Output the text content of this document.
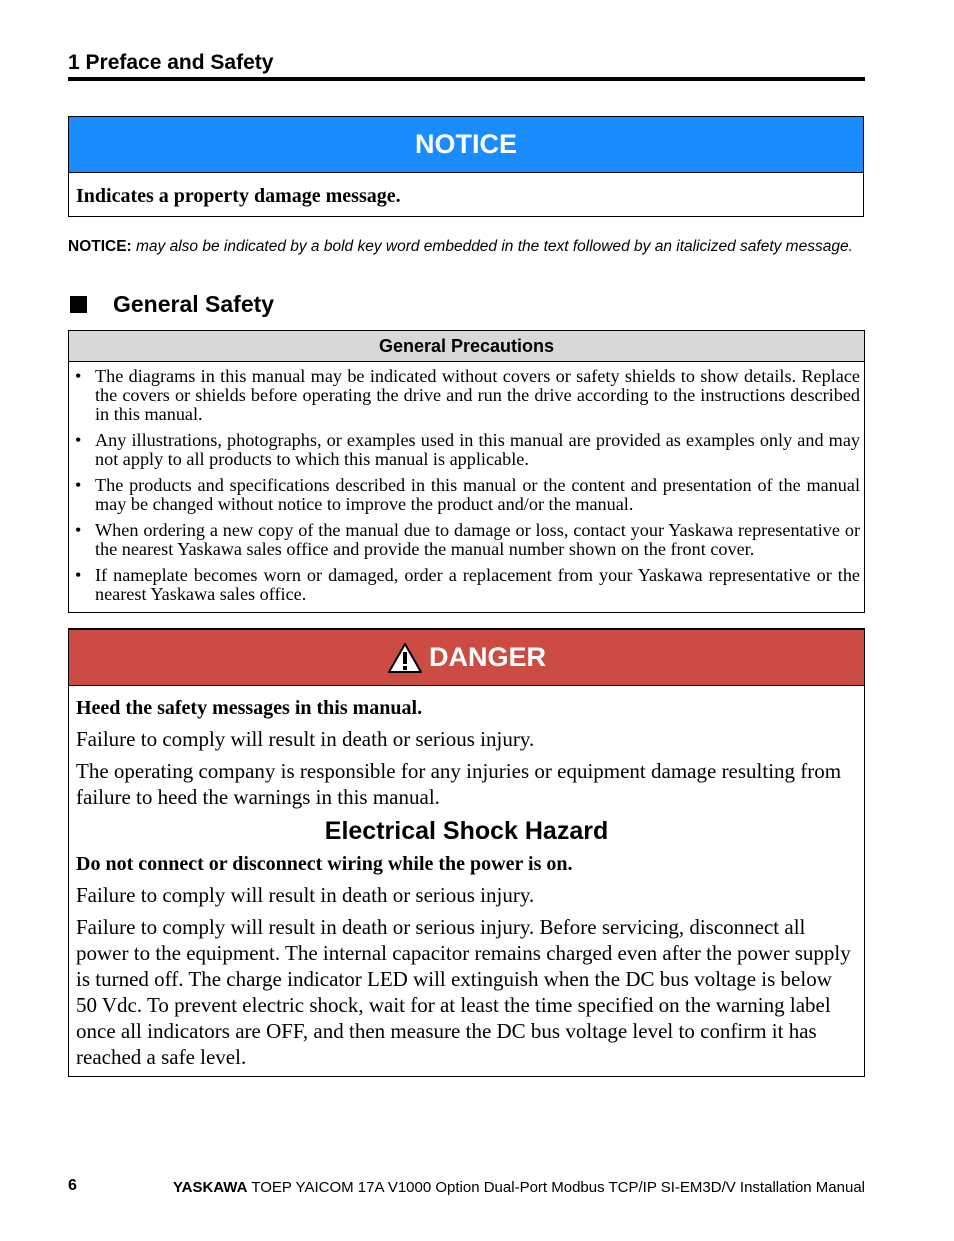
1 Preface and Safety
NOTICE
Indicates a property damage message.
NOTICE: may also be indicated by a bold key word embedded in the text followed by an italicized safety message.
General Safety
General Precautions
• The diagrams in this manual may be indicated without covers or safety shields to show details. Replace the covers or shields before operating the drive and run the drive according to the instructions described in this manual.
• Any illustrations, photographs, or examples used in this manual are provided as examples only and may not apply to all products to which this manual is applicable.
• The products and specifications described in this manual or the content and presentation of the manual may be changed without notice to improve the product and/or the manual.
• When ordering a new copy of the manual due to damage or loss, contact your Yaskawa representative or the nearest Yaskawa sales office and provide the manual number shown on the front cover.
• If nameplate becomes worn or damaged, order a replacement from your Yaskawa representative or the nearest Yaskawa sales office.
DANGER

Heed the safety messages in this manual.

Failure to comply will result in death or serious injury.

The operating company is responsible for any injuries or equipment damage resulting from failure to heed the warnings in this manual.

Electrical Shock Hazard

Do not connect or disconnect wiring while the power is on.

Failure to comply will result in death or serious injury.

Failure to comply will result in death or serious injury. Before servicing, disconnect all power to the equipment. The internal capacitor remains charged even after the power supply is turned off. The charge indicator LED will extinguish when the DC bus voltage is below 50 Vdc. To prevent electric shock, wait for at least the time specified on the warning label once all indicators are OFF, and then measure the DC bus voltage level to confirm it has reached a safe level.

6	YASKAWA TOEP YAICOM 17A V1000 Option Dual-Port Modbus TCP/IP SI-EM3D/V Installation Manual
